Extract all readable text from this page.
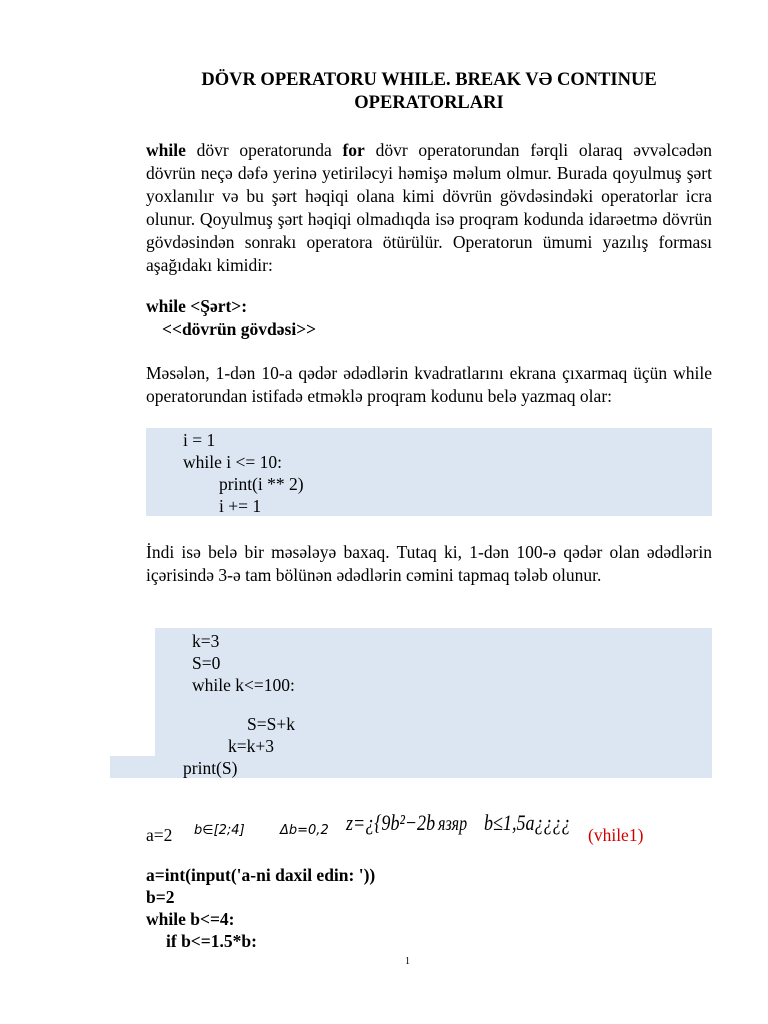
DÖVR OPERATORU WHILE. BREAK VƏ CONTINUE
OPERATORLARI
while dövr operatorunda for dövr operatorundan fərqli olaraq əvvəlcədən dövrün neçə dəfə yerinə yetiriləcyi həmişə məlum olmur. Burada qoyulmuş şərt yoxlanılır və bu şərt həqiqi olana kimi dövrün gövdəsindəki operatorlar icra olunur. Qoyulmuş şərt həqiqi olmadıqda isə proqram kodunda idarəetmə dövrün gövdəsindən sonrakı operatora ötürülür. Operatorun ümumi yazılış forması aşağıdakı kimidir:
while <Şərt>:
<<dövrün gövdəsi>>
Məsələn, 1-dən 10-a qədər ədədlərin kvadratlarını ekrana çıxarmaq üçün while operatorundan istifadə etməklə proqram kodunu belə yazmaq olar:
i = 1
while i <= 10:
print(i ** 2)
i += 1
İndi isə belə bir məsələyə baxaq. Tutaq ki, 1-dən 100-ə qədər olan ədədlərin içərisində 3-ə tam bölünən ədədlərin cəmini tapmaq tələb olunur.
k=3
S=0
while k<=100:
S=S+k
k=k+3
print(S)
a=2 b∈[2;4]	Δb=0,2 z=¿{9b²−2b язяр b≤1,5a¿¿¿¿ (vhile1)
a=int(input('a-ni daxil edin: '))
b=2
while b<=4:
if b<=1.5*b:
1
